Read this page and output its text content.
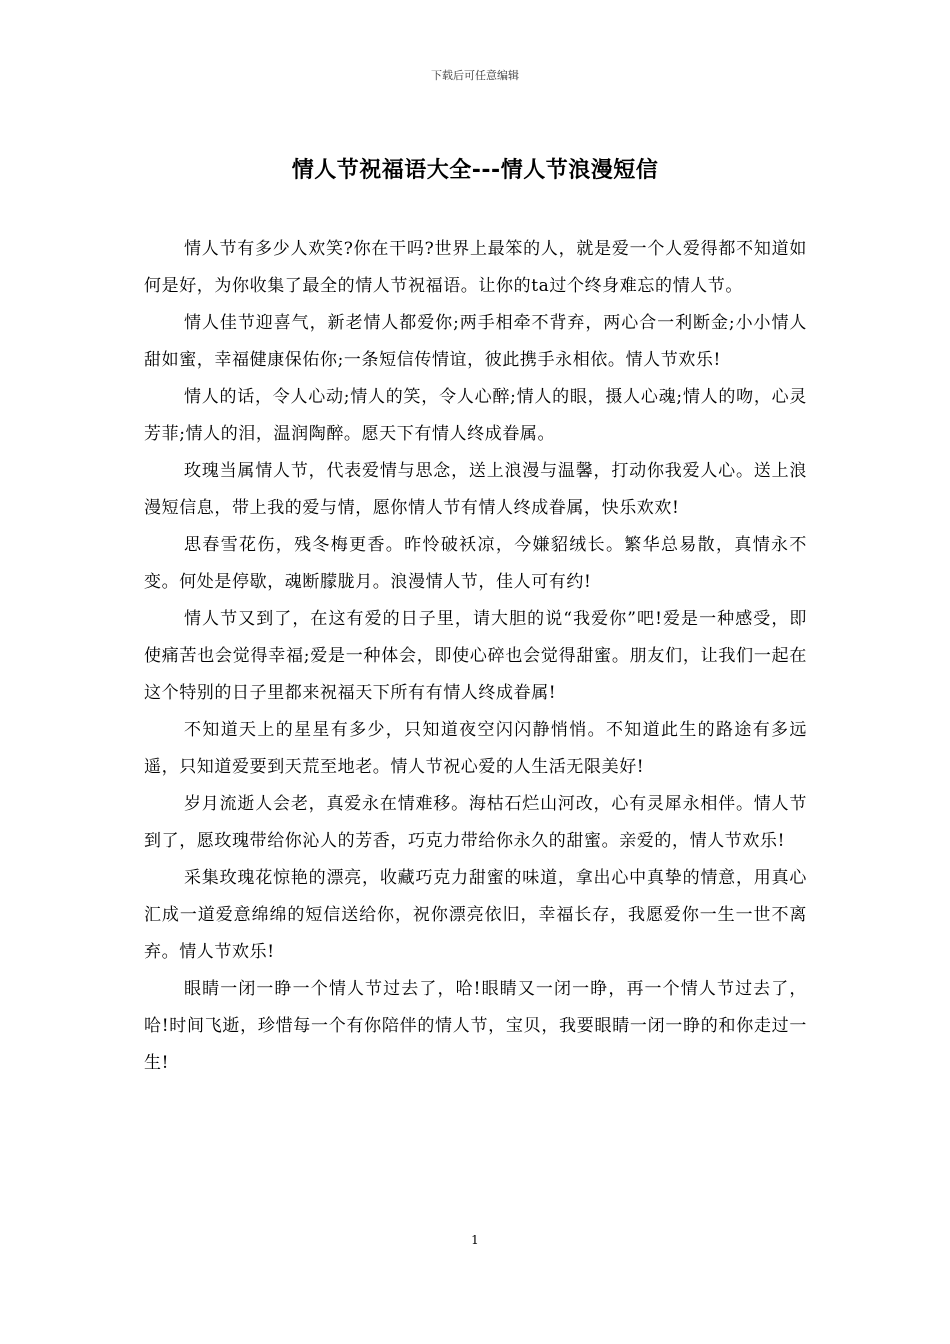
下载后可任意编辑
情人节祝福语大全---情人节浪漫短信

情人节有多少人欢笑?你在干吗?世界上最笨的人，就是爱一个人爱得都不知道如何是好，为你收集了最全的情人节祝福语。让你的ta过个终身难忘的情人节。

情人佳节迎喜气，新老情人都爱你;两手相牵不背弃，两心合一利断金;小小情人甜如蜜，幸福健康保佑你;一条短信传情谊，彼此携手永相依。情人节欢乐!

情人的话，令人心动;情人的笑，令人心醉;情人的眼，摄人心魂;情人的吻，心灵芳菲;情人的泪，温润陶醉。愿天下有情人终成眷属。

玫瑰当属情人节，代表爱情与思念，送上浪漫与温馨，打动你我爱人心。送上浪漫短信息，带上我的爱与情，愿你情人节有情人终成眷属，快乐欢欢!

思春雪花伤，残冬梅更香。昨怜破袄凉，今嫌貂绒长。繁华总易散，真情永不变。何处是停歇，魂断朦胧月。浪漫情人节，佳人可有约!

情人节又到了，在这有爱的日子里，请大胆的说“我爱你”吧!爱是一种感受，即使痛苦也会觉得幸福;爱是一种体会，即使心碎也会觉得甜蜜。朋友们，让我们一起在这个特别的日子里都来祝福天下所有有情人终成眷属!

不知道天上的星星有多少，只知道夜空闪闪静悄悄。不知道此生的路途有多远遥，只知道爱要到天荒至地老。情人节祝心爱的人生活无限美好!

岁月流逝人会老，真爱永在情难移。海枯石烂山河改，心有灵犀永相伴。情人节到了，愿玫瑰带给你沁人的芳香，巧克力带给你永久的甜蜜。亲爱的，情人节欢乐!

采集玫瑰花惊艳的漂亮，收藏巧克力甜蜜的味道，拿出心中真挚的情意，用真心汇成一道爱意绵绵的短信送给你，祝你漂亮依旧，幸福长存，我愿爱你一生一世不离弃。情人节欢乐!

眼睛一闭一睁一个情人节过去了，哈!眼睛又一闭一睁，再一个情人节过去了，哈!时间飞逝，珍惜每一个有你陪伴的情人节，宝贝，我要眼睛一闭一睁的和你走过一生!

1
